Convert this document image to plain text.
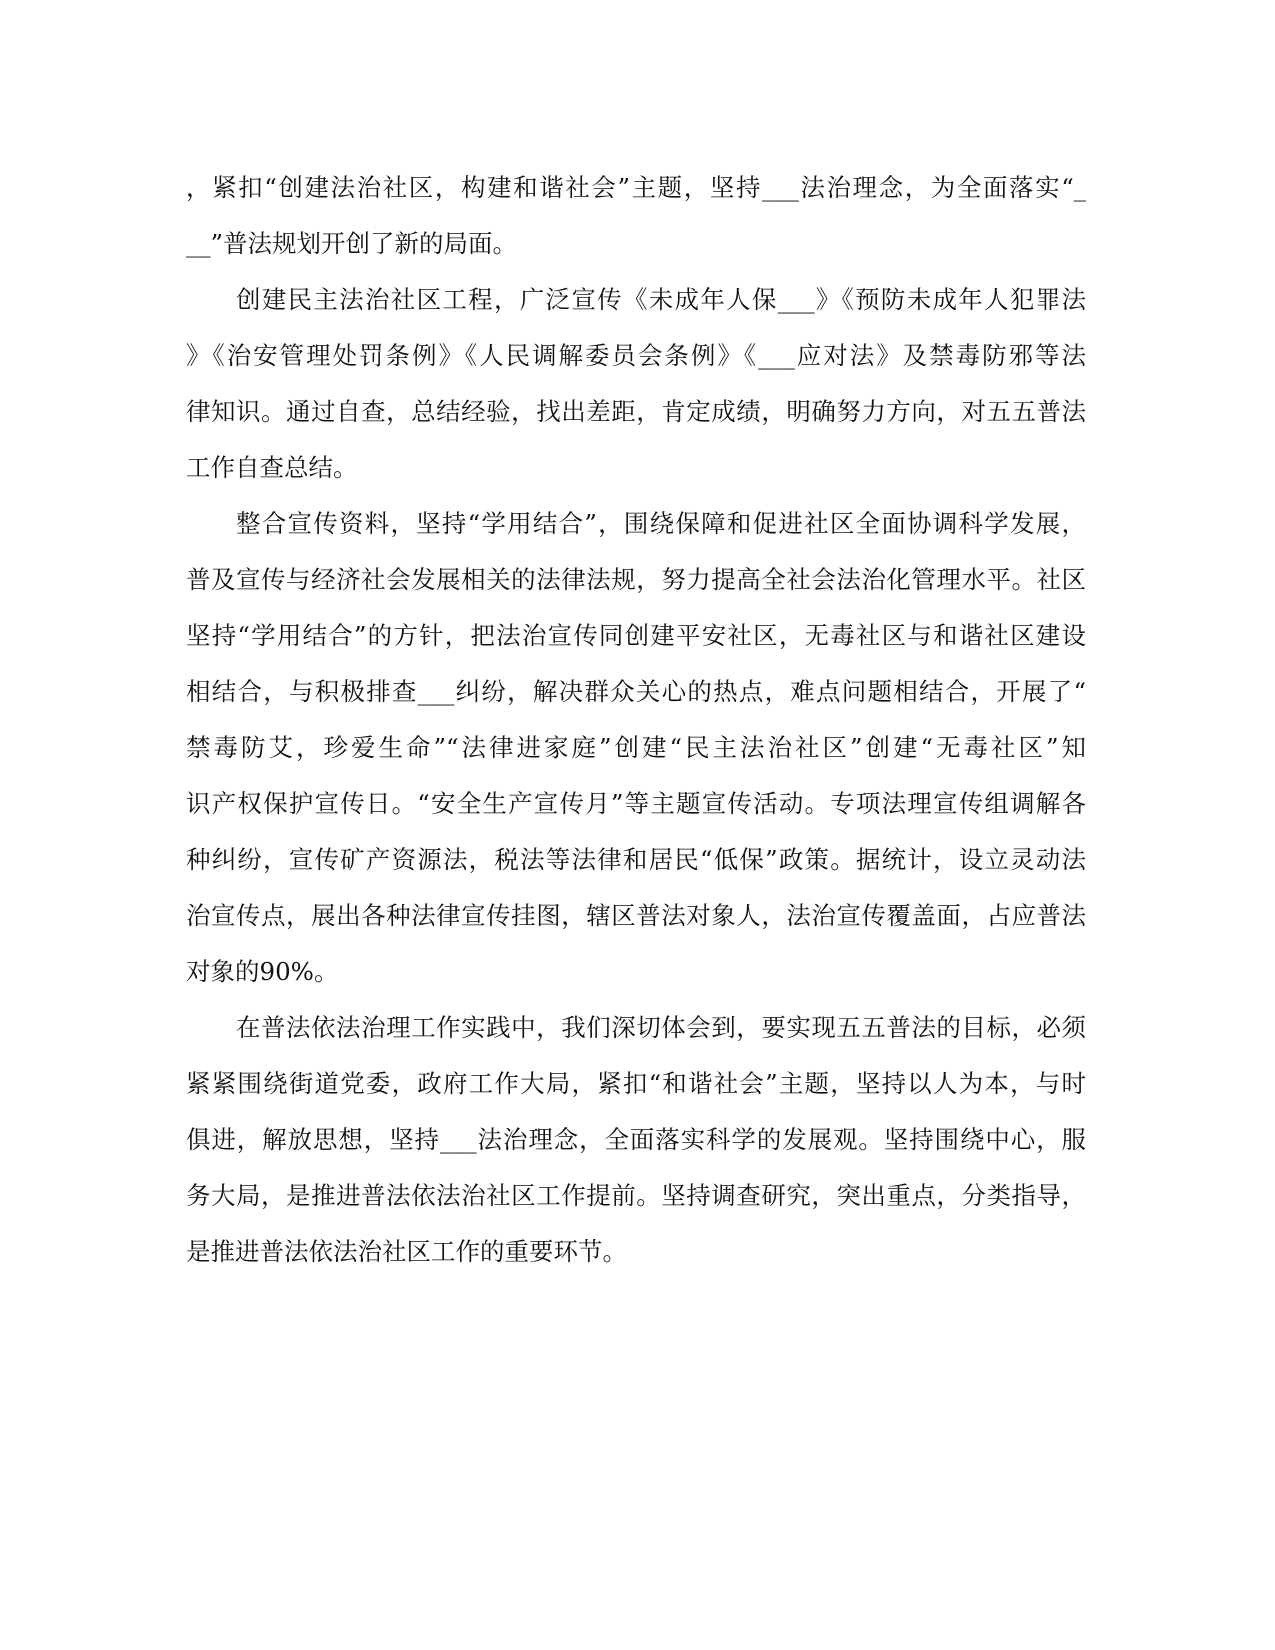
，紧扣“创建法治社区，构建和谐社会”主题，坚持___法治理念，为全面落实“_
__”普法规划开创了新的局面。
创建民主法治社区工程，广泛宣传《未成年人保___》《预防未成年人犯罪法
》《治安管理处罚条例》《人民调解委员会条例》《___应对法》及禁毒防邪等法
律知识。通过自查，总结经验，找出差距，肯定成绩，明确努力方向，对五五普法
工作自查总结。
整合宣传资料，坚持“学用结合”，围绕保障和促进社区全面协调科学发展，
普及宣传与经济社会发展相关的法律法规，努力提高全社会法治化管理水平。社区
坚持“学用结合”的方针，把法治宣传同创建平安社区，无毒社区与和谐社区建设
相结合，与积极排查___纠纷，解决群众关心的热点，难点问题相结合，开展了“
禁毒防艾，珍爱生命”“法律进家庭”创建“民主法治社区”创建“无毒社区”知
识产权保护宣传日。“安全生产宣传月”等主题宣传活动。专项法理宣传组调解各
种纠纷，宣传矿产资源法，税法等法律和居民“低保”政策。据统计，设立灵动法
治宣传点，展出各种法律宣传挂图，辖区普法对象人，法治宣传覆盖面，占应普法
对象的90%。
在普法依法治理工作实践中，我们深切体会到，要实现五五普法的目标，必须
紧紧围绕街道党委，政府工作大局，紧扣“和谐社会”主题，坚持以人为本，与时
俱进，解放思想，坚持___法治理念，全面落实科学的发展观。坚持围绕中心，服
务大局，是推进普法依法治社区工作提前。坚持调查研究，突出重点，分类指导，
是推进普法依法治社区工作的重要环节。
